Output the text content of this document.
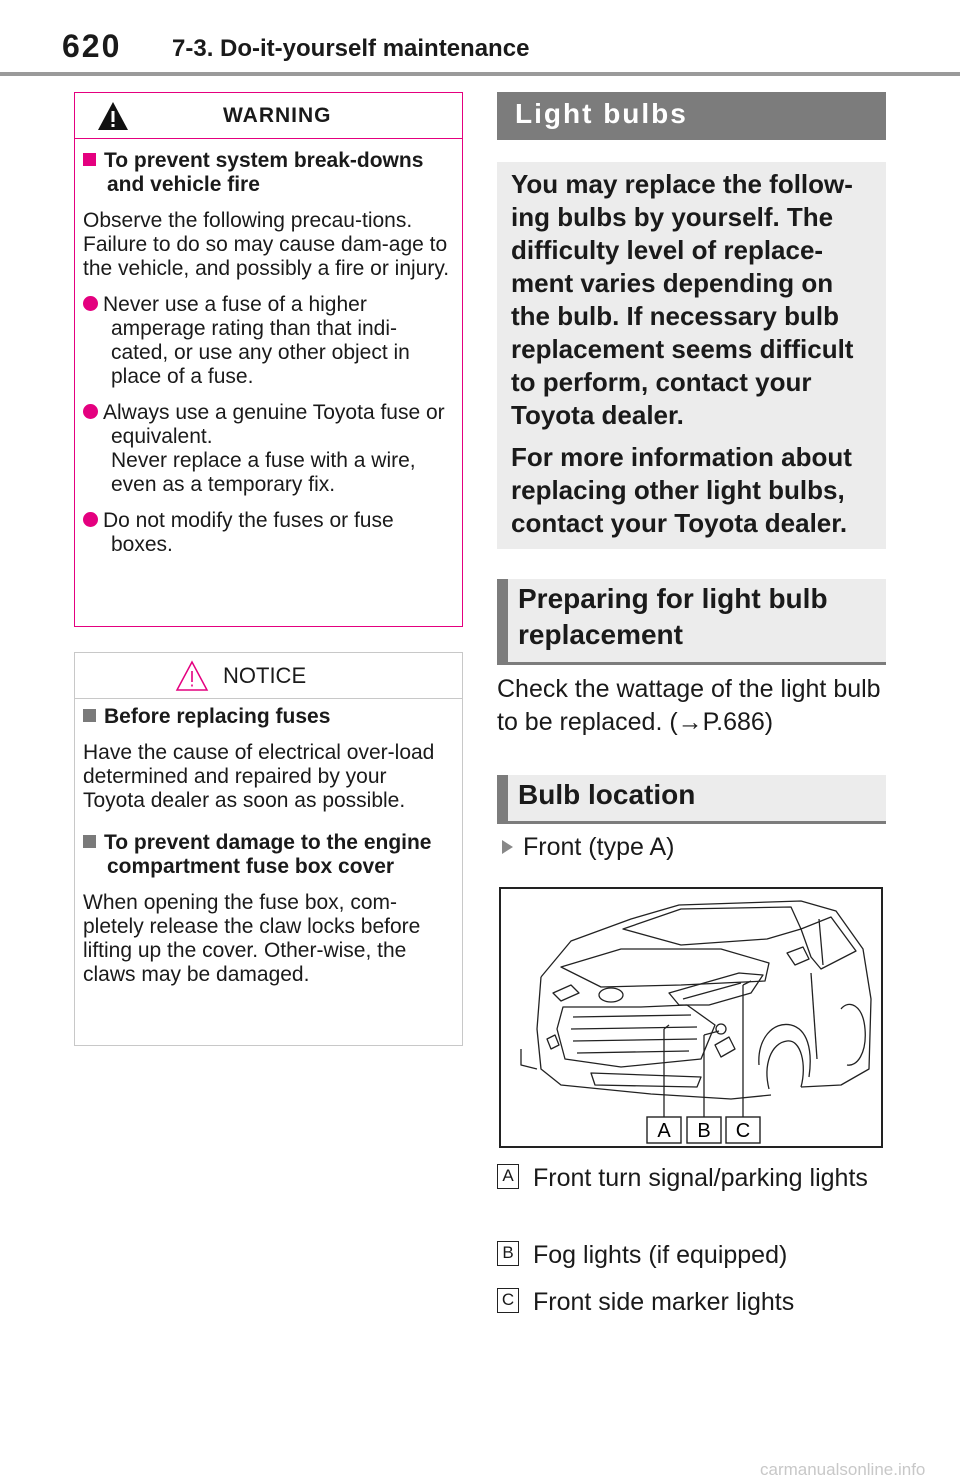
620 7-3. Do-it-yourself maintenance
WARNING
To prevent system break-downs and vehicle fire
Observe the following precau-tions.
Failure to do so may cause dam-age to the vehicle, and possibly a fire or injury.
Never use a fuse of a higher amperage rating than that indi-cated, or use any other object in place of a fuse.
Always use a genuine Toyota fuse or equivalent.
Never replace a fuse with a wire, even as a temporary fix.
Do not modify the fuses or fuse boxes.
NOTICE
Before replacing fuses
Have the cause of electrical over-load determined and repaired by your Toyota dealer as soon as possible.
To prevent damage to the engine compartment fuse box cover
When opening the fuse box, com-pletely release the claw locks before lifting up the cover. Other-wise, the claws may be damaged.
Light bulbs

You may replace the follow-ing bulbs by yourself. The difficulty level of replace-ment varies depending on the bulb. If necessary bulb replacement seems difficult to perform, contact your Toyota dealer.

For more information about replacing other light bulbs, contact your Toyota dealer.

Preparing for light bulb replacement
Check the wattage of the light bulb to be replaced. (→P.686)
Bulb location
Front (type A)
A B C
A Front turn signal/parking lights
B Fog lights (if equipped)
C Front side marker lights
carmanualsonline.info
